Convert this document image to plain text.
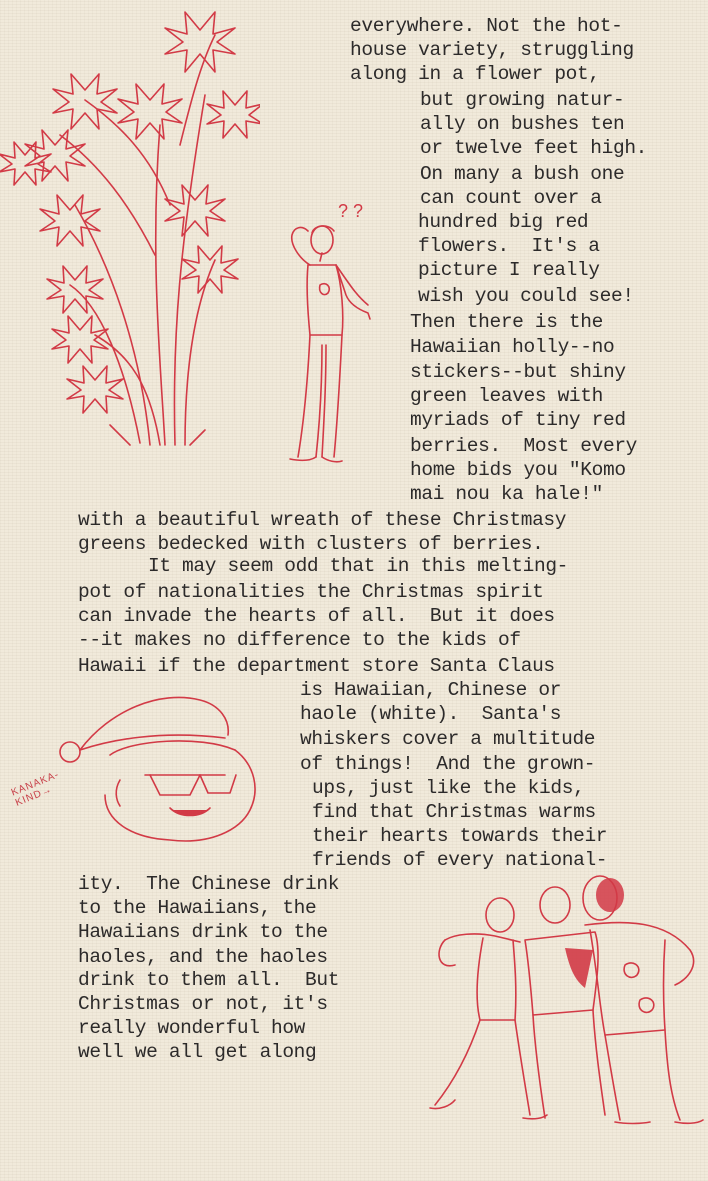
? ?
KANAKA-
KIND→
everywhere. Not the hot-
house variety, struggling
along in a flower pot,
but growing natur-
ally on bushes ten
or twelve feet high.
On many a bush one
can count over a
hundred big red
flowers.  It's a
picture I really
wish you could see!
Then there is the
Hawaiian holly--no
stickers--but shiny
green leaves with
myriads of tiny red
berries.  Most every
home bids you "Komo
mai nou ka hale!"
with a beautiful wreath of these Christmasy
greens bedecked with clusters of berries.
It may seem odd that in this melting-
pot of nationalities the Christmas spirit
can invade the hearts of all.  But it does
--it makes no difference to the kids of
Hawaii if the department store Santa Claus
is Hawaiian, Chinese or
haole (white).  Santa's
whiskers cover a multitude
of things!  And the grown-
ups, just like the kids,
find that Christmas warms
their hearts towards their
friends of every national-
ity.  The Chinese drink
to the Hawaiians, the
Hawaiians drink to the
haoles, and the haoles
drink to them all.  But
Christmas or not, it's
really wonderful how
well we all get along
